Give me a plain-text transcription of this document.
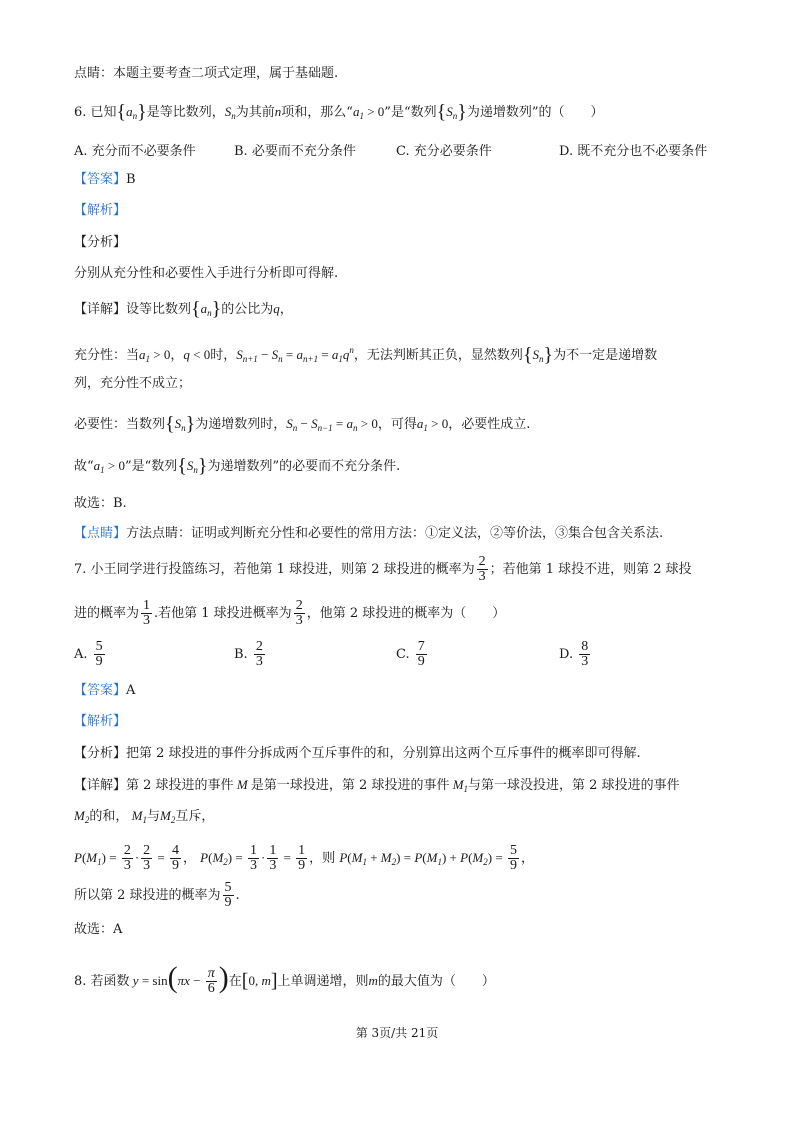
点睛：本题主要考查二项式定理，属于基础题.
6. 已知$\{a_n\}$是等比数列，$S_n$为其前n项和，那么“$a_1 > 0$”是“数列$\{S_n\}$为递增数列”的（　　）
A. 充分而不必要条件	B. 必要而不充分条件	C. 充分必要条件	D. 既不充分也不必要条件
【答案】B
【解析】
【分析】
分别从充分性和必要性入手进行分析即可得解.
【详解】设等比数列$\{a_n\}$的公比为q，
充分性：当$a_1 > 0$，q < 0时，$S_{n+1} - S_n = a_{n+1} = a_1q^n$，无法判断其正负，显然数列$\{S_n\}$为不一定是递增数
列，充分性不成立；
必要性：当数列$\{S_n\}$为递增数列时，$S_n - S_{n-1} = a_n > 0$，可得$a_1 > 0$，必要性成立.
故“$a_1 > 0$”是“数列$\{S_n\}$为递增数列”的必要而不充分条件.
故选：B.
【点睛】方法点睛：证明或判断充分性和必要性的常用方法：①定义法，②等价法，③集合包含关系法.
7. 小王同学进行投篮练习，若他第 1 球投进，则第 2 球投进的概率为 $\frac{2}{3}$ ；若他第 1 球投不进，则第 2 球投
进的概率为 $\frac{1}{3}$ .若他第 1 球投进概率为 $\frac{2}{3}$ ，他第 2 球投进的概率为（　　）
A. $\frac{5}{9}$	B. $\frac{2}{3}$	C. $\frac{7}{9}$	D. $\frac{8}{3}$
【答案】A
【解析】
【分析】把第 2 球投进的事件分拆成两个互斥事件的和，分别算出这两个互斥事件的概率即可得解.
【详解】第 2 球投进的事件 M 是第一球投进，第 2 球投进的事件 $M_1$与第一球没投进，第 2 球投进的事件
$M_2$的和， $M_1$与$M_2$互斥，
$P(M_1) = \frac{2}{3} \cdot \frac{2}{3} = \frac{4}{9}$ ， $P(M_2) = \frac{1}{3} \cdot \frac{1}{3} = \frac{1}{9}$ ，则 $P(M_1 + M_2) = P(M_1) + P(M_2) = \frac{5}{9}$ ，
所以第 2 球投进的概率为 $\frac{5}{9}$ .
故选：A
8. 若函数 $y = \sin(\pi x - \frac{\pi}{6}$ )在[0, m]上单调递增，则m的最大值为（　　）
第 3页/共 21页
